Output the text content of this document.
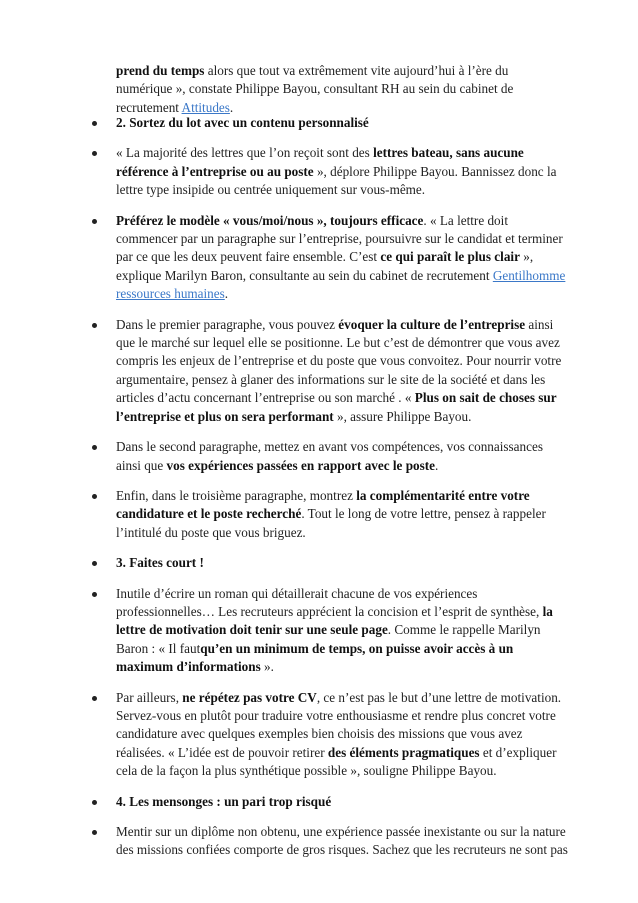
prend du temps alors que tout va extrêmement vite aujourd’hui à l’ère du numérique », constate Philippe Bayou, consultant RH au sein du cabinet de recrutement Attitudes.

2. Sortez du lot avec un contenu personnalisé
« La majorité des lettres que l’on reçoit sont des lettres bateau, sans aucune référence à l’entreprise ou au poste », déplore Philippe Bayou. Bannissez donc la lettre type insipide ou centrée uniquement sur vous-même.
Préférez le modèle « vous/moi/nous », toujours efficace. « La lettre doit commencer par un paragraphe sur l’entreprise, poursuivre sur le candidat et terminer par ce que les deux peuvent faire ensemble. C’est ce qui paraît le plus clair », explique Marilyn Baron, consultante au sein du cabinet de recrutement Gentilhomme ressources humaines.
Dans le premier paragraphe, vous pouvez évoquer la culture de l’entreprise ainsi que le marché sur lequel elle se positionne. Le but c’est de démontrer que vous avez compris les enjeux de l’entreprise et du poste que vous convoitez. Pour nourrir votre argumentaire, pensez à glaner des informations sur le site de la société et dans les articles d’actu concernant l’entreprise ou son marché . « Plus on sait de choses sur l’entreprise et plus on sera performant », assure Philippe Bayou.
Dans le second paragraphe, mettez en avant vos compétences, vos connaissances ainsi que vos expériences passées en rapport avec le poste.
Enfin, dans le troisième paragraphe, montrez la complémentarité entre votre candidature et le poste recherché. Tout le long de votre lettre, pensez à rappeler l’intitulé du poste que vous briguez.
3. Faites court !
Inutile d’écrire un roman qui détaillerait chacune de vos expériences professionnelles… Les recruteurs apprécient la concision et l’esprit de synthèse, la lettre de motivation doit tenir sur une seule page. Comme le rappelle Marilyn Baron : « Il fautqu’en un minimum de temps, on puisse avoir accès à un maximum d’informations ».
Par ailleurs, ne répétez pas votre CV, ce n’est pas le but d’une lettre de motivation. Servez-vous en plutôt pour traduire votre enthousiasme et rendre plus concret votre candidature avec quelques exemples bien choisis des missions que vous avez réalisées. « L’idée est de pouvoir retirer des éléments pragmatiques et d’expliquer cela de la façon la plus synthétique possible », souligne Philippe Bayou.
4. Les mensonges : un pari trop risqué
Mentir sur un diplôme non obtenu, une expérience passée inexistante ou sur la nature des missions confiées comporte de gros risques. Sachez que les recruteurs ne sont pas
